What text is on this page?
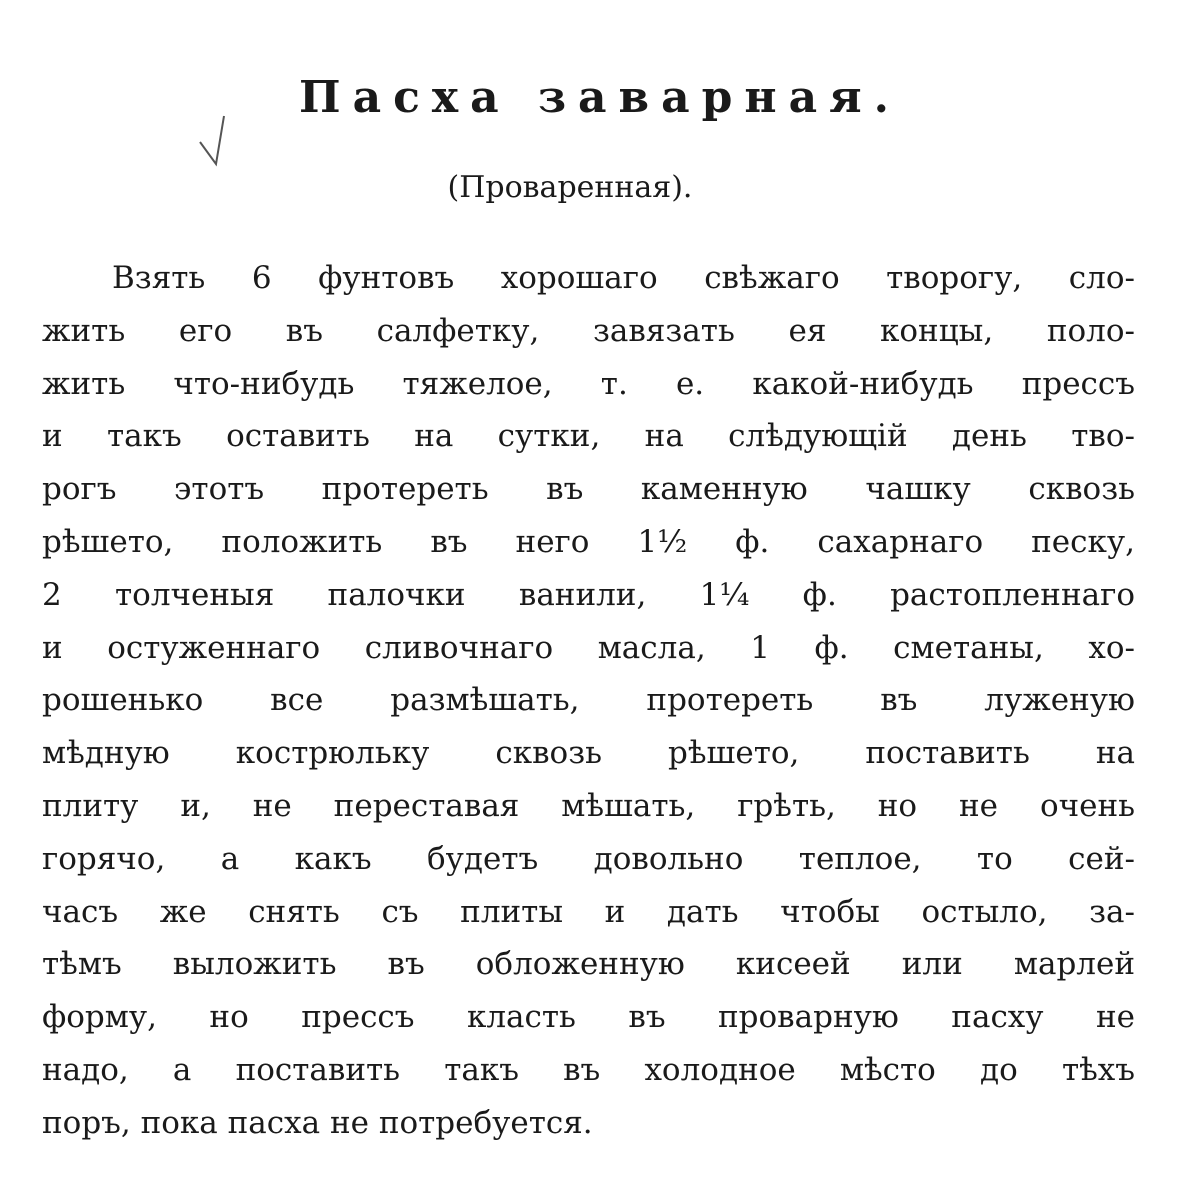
Пасха заварная.
(Проваренная).
Взять 6 фунтовъ хорошаго свѣжаго творогу, сло-
жить его въ салфетку, завязать ея концы, поло-
жить что-нибудь тяжелое, т. е. какой-нибудь прессъ
и такъ оставить на сутки, на слѣдующій день тво-
рогъ этотъ протереть въ каменную чашку сквозь
рѣшето, положить въ него 1½ ф. сахарнаго песку,
2 толченыя палочки ванили, 1¼ ф. растопленнаго
и остуженнаго сливочнаго масла, 1 ф. сметаны, хо-
рошенько все размѣшать, протереть въ луженую
мѣдную кострюльку сквозь рѣшето, поставить на
плиту и, не переставая мѣшать, грѣть, но не очень
горячо, а какъ будетъ довольно теплое, то сей-
часъ же снять съ плиты и дать чтобы остыло, за-
тѣмъ выложить въ обложенную кисеей или марлей
форму, но прессъ класть въ проварную пасху не
надо, а поставить такъ въ холодное мѣсто до тѣхъ
поръ, пока пасха не потребуется.
